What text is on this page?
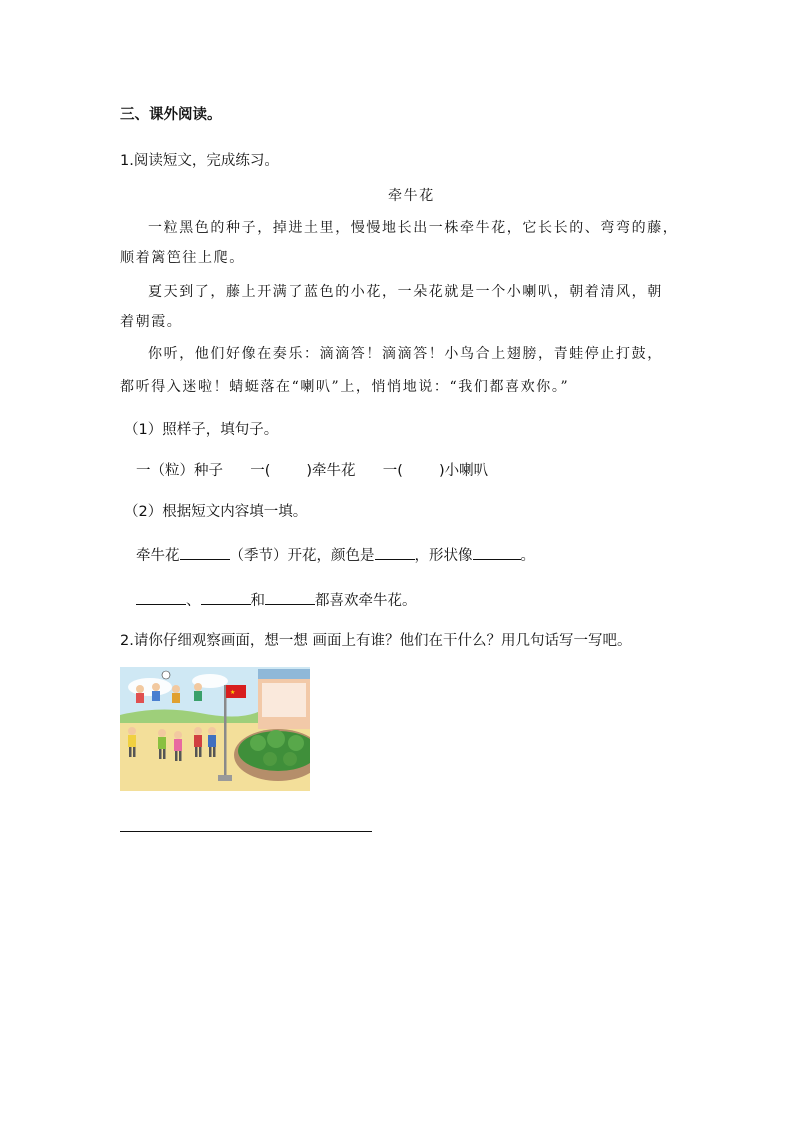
三、课外阅读。
1.阅读短文，完成练习。
牵牛花
一粒黑色的种子，掉进土里，慢慢地长出一株牵牛花，它长长的、弯弯的藤，
顺着篱笆往上爬。
夏天到了，藤上开满了蓝色的小花，一朵花就是一个小喇叭，朝着清风，朝
着朝霞。
你听，他们好像在奏乐：滴滴答！滴滴答！小鸟合上翅膀，青蛙停止打鼓，
都听得入迷啦！蜻蜓落在“喇叭”上，悄悄地说：“我们都喜欢你。”
（1）照样子，填句子。
一（粒）种子 一( )牵牛花 一( )小喇叭
（2）根据短文内容填一填。
牵牛花	（季节）开花，颜色是	，形状像	。
、	和	都喜欢牵牛花。
2.请你仔细观察画面，想一想 画面上有谁？他们在干什么？用几句话写一写吧。
★
